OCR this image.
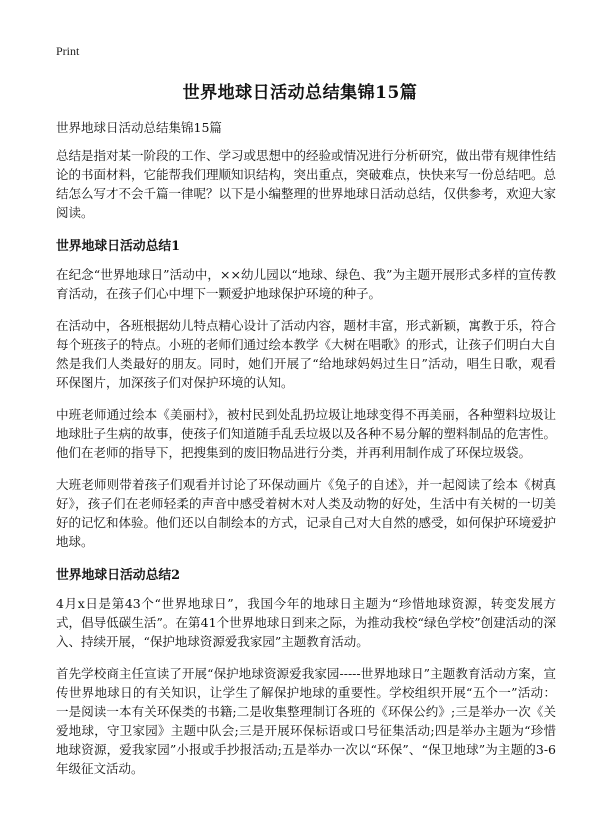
Print
世界地球日活动总结集锦15篇

世界地球日活动总结集锦15篇

总结是指对某一阶段的工作、学习或思想中的经验或情况进行分析研究，做出带有规律性结论的书面材料，它能帮我们理顺知识结构，突出重点，突破难点，快快来写一份总结吧。总结怎么写才不会千篇一律呢？以下是小编整理的世界地球日活动总结，仅供参考，欢迎大家阅读。

世界地球日活动总结1

在纪念“世界地球日”活动中，××幼儿园以“地球、绿色、我”为主题开展形式多样的宣传教育活动，在孩子们心中埋下一颗爱护地球保护环境的种子。

在活动中，各班根据幼儿特点精心设计了活动内容，题材丰富，形式新颖，寓教于乐，符合每个班孩子的特点。小班的老师们通过绘本教学《大树在唱歌》的形式，让孩子们明白大自然是我们人类最好的朋友。同时，她们开展了“给地球妈妈过生日”活动，唱生日歌，观看环保图片，加深孩子们对保护环境的认知。

中班老师通过绘本《美丽村》，被村民到处乱扔垃圾让地球变得不再美丽，各种塑料垃圾让地球肚子生病的故事，使孩子们知道随手乱丢垃圾以及各种不易分解的塑料制品的危害性。他们在老师的指导下，把搜集到的废旧物品进行分类，并再利用制作成了环保垃圾袋。

大班老师则带着孩子们观看并讨论了环保动画片《兔子的自述》，并一起阅读了绘本《树真好》，孩子们在老师轻柔的声音中感受着树木对人类及动物的好处，生活中有关树的一切美好的记忆和体验。他们还以自制绘本的方式，记录自己对大自然的感受，如何保护环境爱护地球。

世界地球日活动总结2

4月x日是第43个“世界地球日”，我国今年的地球日主题为“珍惜地球资源，转变发展方式，倡导低碳生活”。在第41个世界地球日到来之际，为推动我校“绿色学校”创建活动的深入、持续开展，“保护地球资源爱我家园”主题教育活动。

首先学校商主任宣读了开展“保护地球资源爱我家园-----世界地球日”主题教育活动方案，宣传世界地球日的有关知识，让学生了解保护地球的重要性。学校组织开展“五个一”活动：一是阅读一本有关环保类的书籍;二是收集整理制订各班的《环保公约》;三是举办一次《关爱地球，守卫家园》主题中队会;三是开展环保标语或口号征集活动;四是举办主题为“珍惜地球资源，爱我家园”小报或手抄报活动;五是举办一次以“环保”、“保卫地球”为主题的3-6年级征文活动。
